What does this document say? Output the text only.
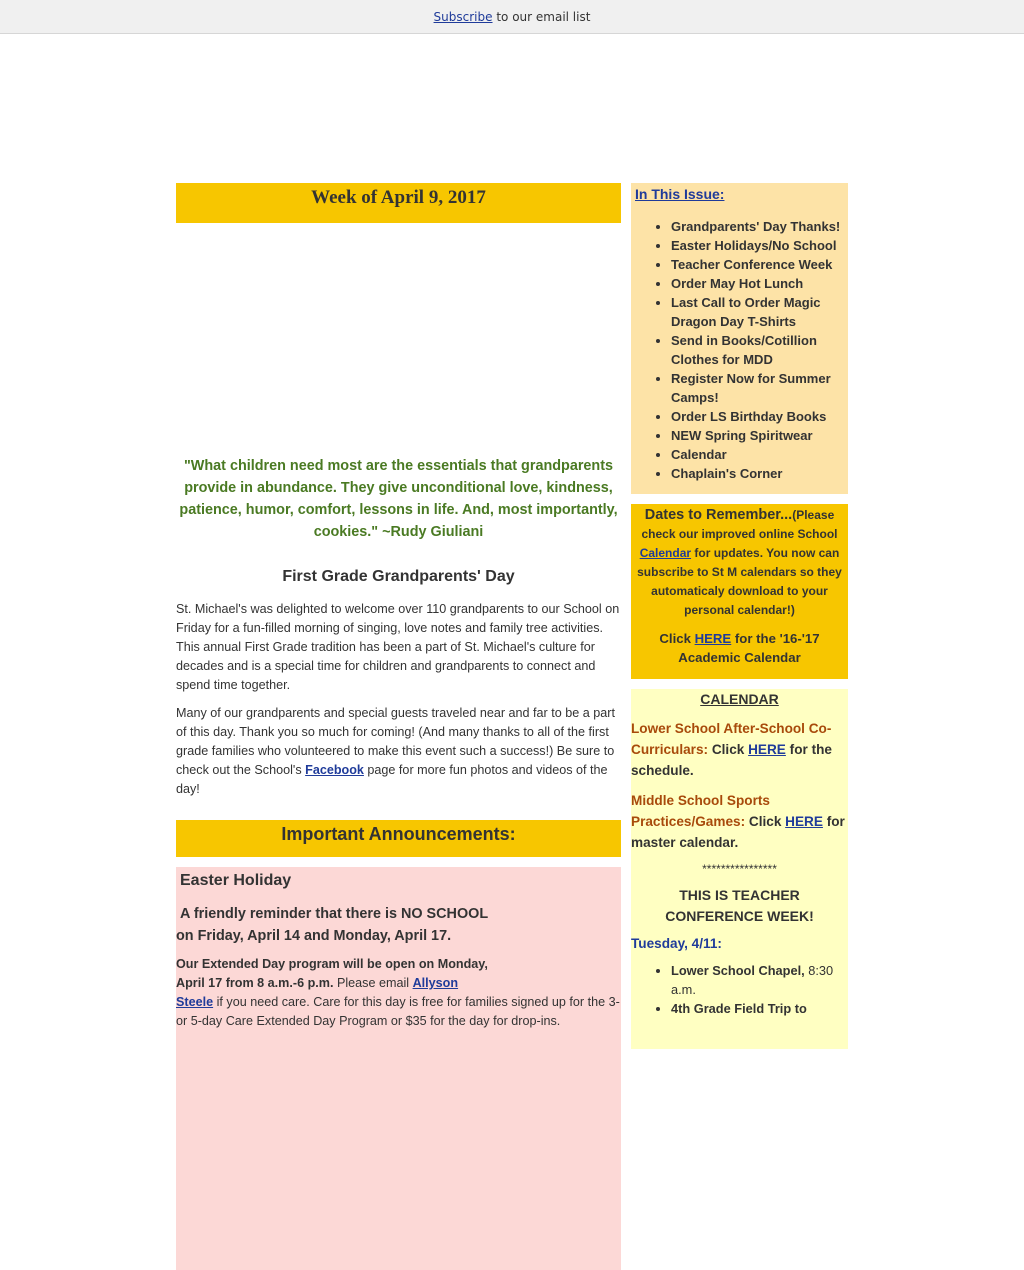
Subscribe to our email list
Week of April 9, 2017
"What children need most are the essentials that grandparents provide in abundance. They give unconditional love, kindness, patience, humor, comfort, lessons in life. And, most importantly, cookies." ~Rudy Giuliani
First Grade Grandparents' Day

St. Michael's was delighted to welcome over 110 grandparents to our School on Friday for a fun-filled morning of singing, love notes and family tree activities. This annual First Grade tradition has been a part of St. Michael's culture for decades and is a special time for children and grandparents to connect and spend time together.

Many of our grandparents and special guests traveled near and far to be a part of this day. Thank you so much for coming! (And many thanks to all of the first grade families who volunteered to make this event such a success!) Be sure to check out the School's Facebook page for more fun photos and videos of the day!

Important Announcements:
Easter Holiday
A friendly reminder that there is NO SCHOOL
on Friday, April 14 and Monday, April 17.
Our Extended Day program will be open on Monday,
April 17 from 8 a.m.-6 p.m. Please email Allyson
Steele if you need care. Care for this day is free for families signed up for the 3- or 5-day Care Extended Day Program or $35 for the day for drop-ins.
In This Issue:
• Grandparents' Day Thanks!
• Easter Holidays/No School
• Teacher Conference Week
• Order May Hot Lunch
• Last Call to Order Magic Dragon Day T-Shirts
• Send in Books/Cotillion Clothes for MDD
• Register Now for Summer Camps!
• Order LS Birthday Books
• NEW Spring Spiritwear
• Calendar
• Chaplain's Corner
Dates to Remember...(Please check our improved online School Calendar for updates. You now can subscribe to St M calendars so they automaticaly download to your personal calendar!)
Click HERE for the '16-'17 Academic Calendar
CALENDAR
Lower School After-School Co-Curriculars: Click HERE for the schedule.
Middle School Sports Practices/Games: Click HERE for master calendar.
****************
THIS IS TEACHER
CONFERENCE WEEK!
Tuesday, 4/11:
• Lower School Chapel, 8:30 a.m.
• 4th Grade Field Trip to
